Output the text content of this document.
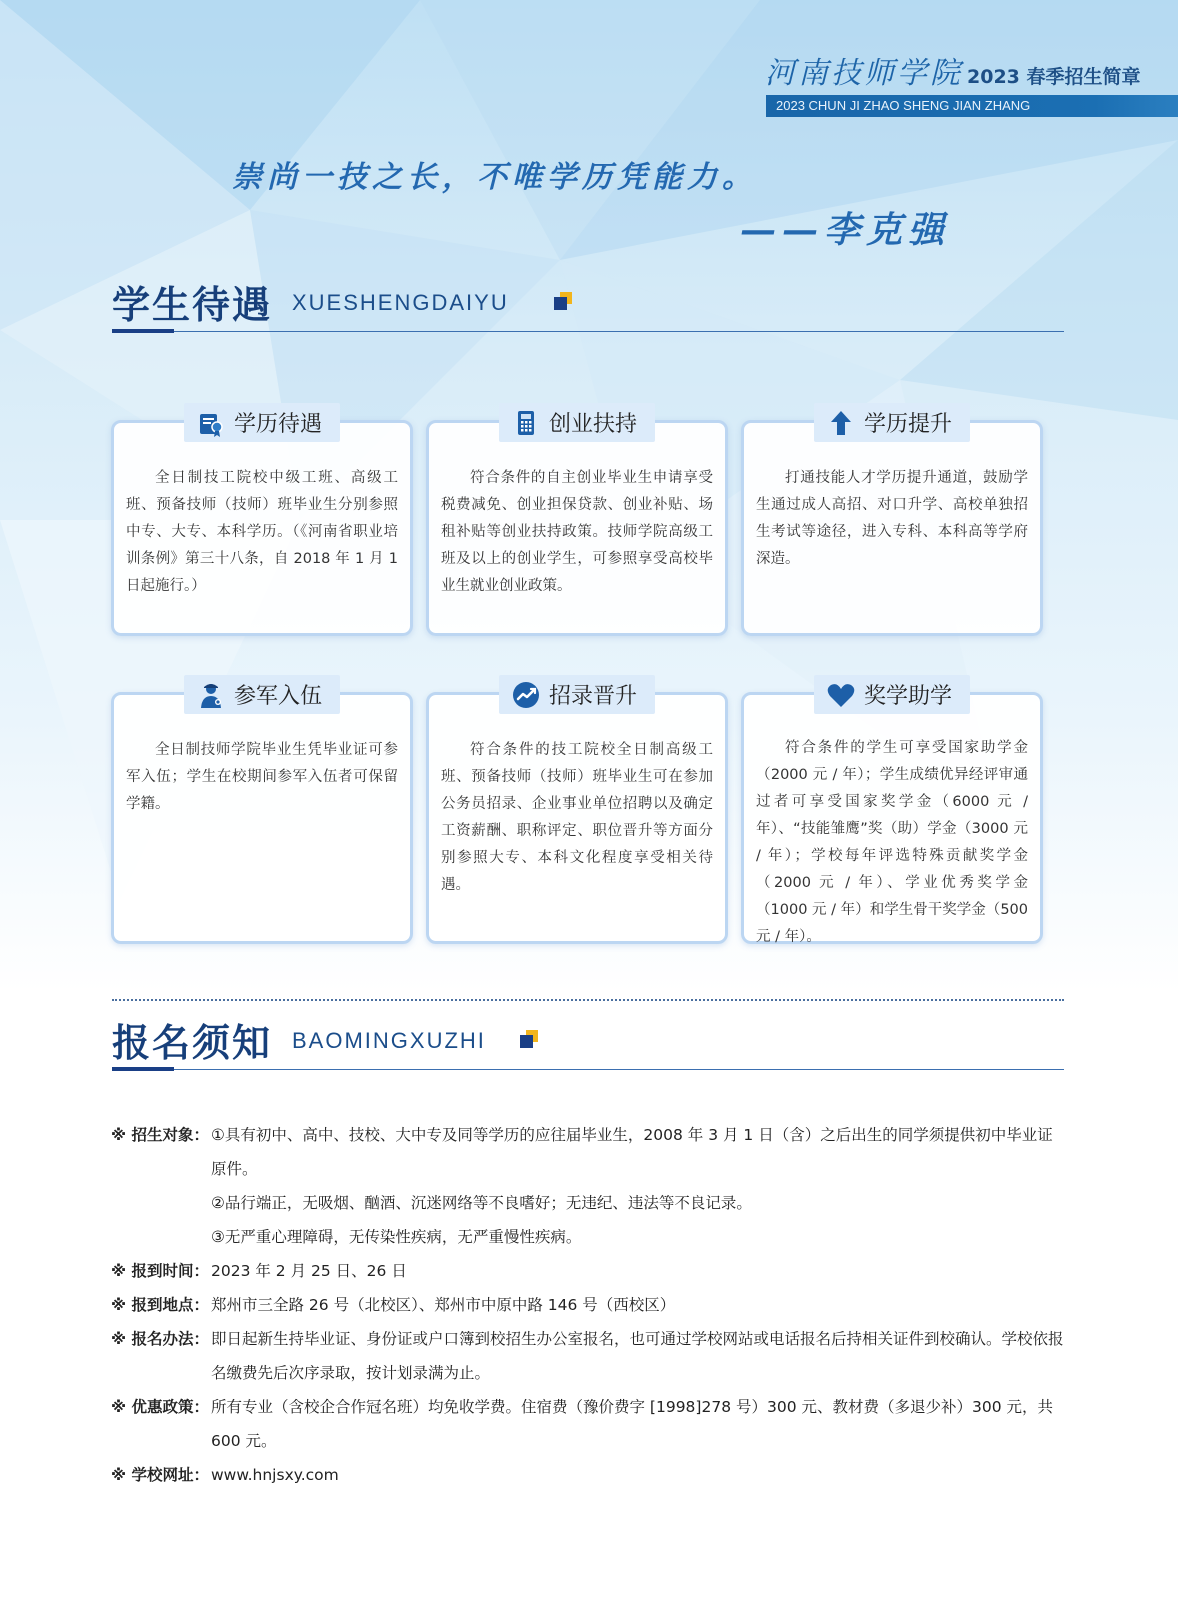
河南技师学院 2023 春季招生简章
2023 CHUN JI ZHAO SHENG JIAN ZHANG
崇尚一技之长，不唯学历凭能力。
——李克强
学生待遇 XUESHENGDAIYU
学历待遇
全日制技工院校中级工班、高级工班、预备技师（技师）班毕业生分别参照中专、大专、本科学历。（《河南省职业培训条例》第三十八条，自 2018 年 1 月 1 日起施行。）
创业扶持
符合条件的自主创业毕业生申请享受税费减免、创业担保贷款、创业补贴、场租补贴等创业扶持政策。技师学院高级工班及以上的创业学生，可参照享受高校毕业生就业创业政策。
学历提升
打通技能人才学历提升通道，鼓励学生通过成人高招、对口升学、高校单独招生考试等途径，进入专科、本科高等学府深造。
参军入伍
全日制技师学院毕业生凭毕业证可参军入伍；学生在校期间参军入伍者可保留学籍。
招录晋升
符合条件的技工院校全日制高级工班、预备技师（技师）班毕业生可在参加公务员招录、企业事业单位招聘以及确定工资薪酬、职称评定、职位晋升等方面分别参照大专、本科文化程度享受相关待遇。
奖学助学
符合条件的学生可享受国家助学金（2000 元 / 年）；学生成绩优异经评审通过者可享受国家奖学金（6000 元 / 年）、“技能雏鹰”奖（助）学金（3000 元 / 年）；学校每年评选特殊贡献奖学金（2000 元 / 年）、学业优秀奖学金（1000 元 / 年）和学生骨干奖学金（500 元 / 年）。
报名须知 BAOMINGXUZHI
※ 招生对象： ①具有初中、高中、技校、大中专及同等学历的应往届毕业生，2008 年 3 月 1 日（含）之后出生的同学须提供初中毕业证原件。

②品行端正，无吸烟、酗酒、沉迷网络等不良嗜好；无违纪、违法等不良记录。

③无严重心理障碍，无传染性疾病，无严重慢性疾病。

※ 报到时间： 2023 年 2 月 25 日、26 日

※ 报到地点： 郑州市三全路 26 号（北校区）、郑州市中原中路 146 号（西校区）

※ 报名办法： 即日起新生持毕业证、身份证或户口簿到校招生办公室报名，也可通过学校网站或电话报名后持相关证件到校确认。学校依报名缴费先后次序录取，按计划录满为止。

※ 优惠政策： 所有专业（含校企合作冠名班）均免收学费。住宿费（豫价费字 [1998]278 号）300 元、教材费（多退少补）300 元，共 600 元。

※ 学校网址： www.hnjsxy.com
